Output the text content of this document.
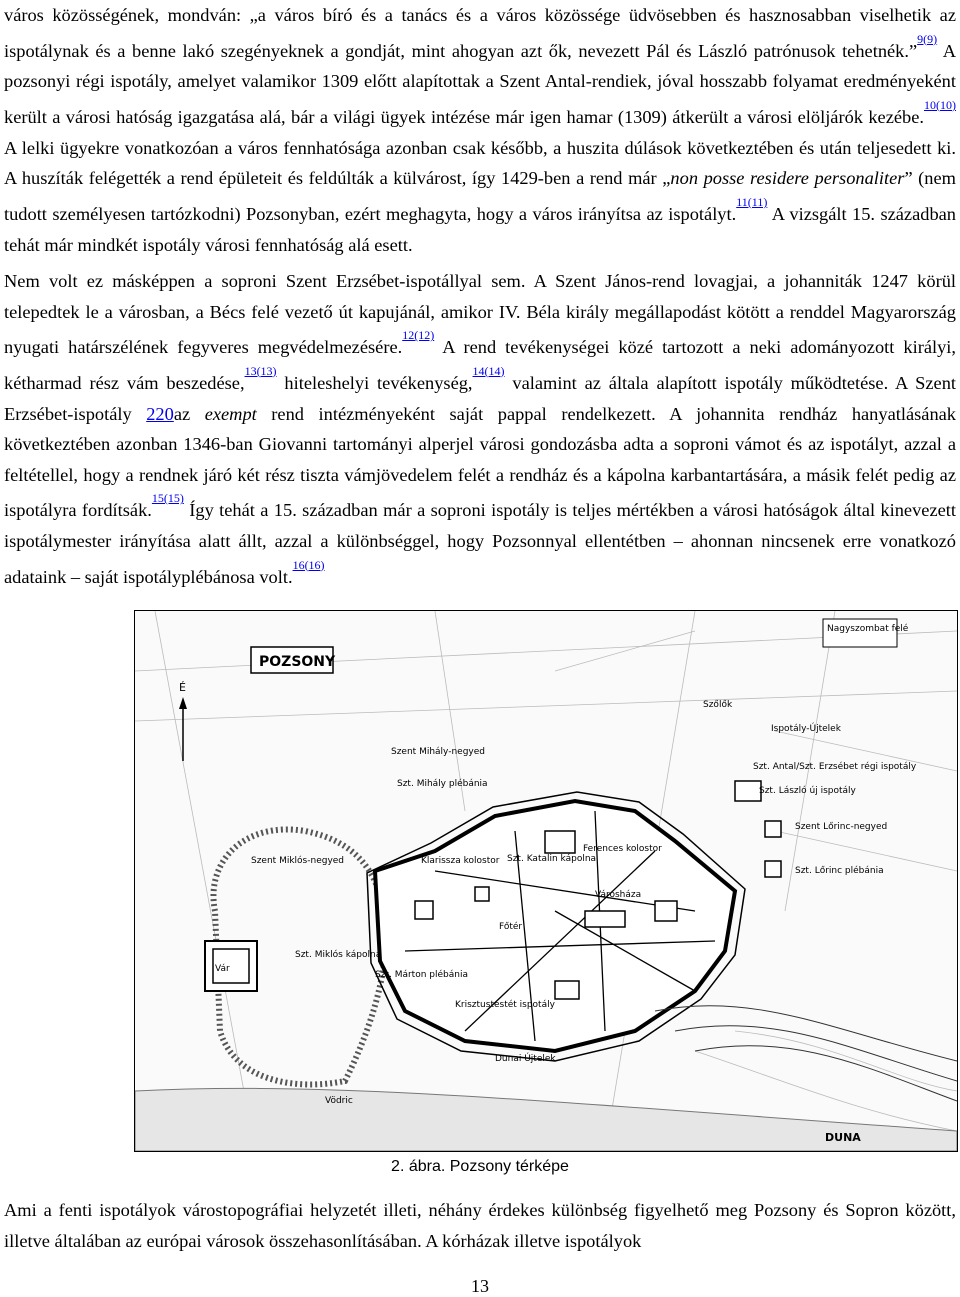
város közösségének, mondván: „a város bíró és a tanács és a város közössége üdvösebben és hasznosabban viselhetik az ispotálynak és a benne lakó szegényeknek a gondját, mint ahogyan azt ők, nevezett Pál és László patrónusok tehetnék.”$^{^{9(9)}}$ A pozsonyi régi ispotály, amelyet valamikor 1309 előtt alapítottak a Szent Antal-rendiek, jóval hosszabb folyamat eredményeként került a városi hatóság igazgatása alá, bár a világi ügyek intézése már igen hamar (1309) átkerült a városi elöljárók kezébe.$^{^{10(10)}}$ A lelki ügyekre vonatkozóan a város fennhatósága azonban csak később, a huszita dúlások következtében és után teljesedett ki. A huszíták felégették a rend épületeit és feldúlták a külvárost, így 1429-ben a rend már „non posse residere personaliter” (nem tudott személyesen tartózkodni) Pozsonyban, ezért meghagyta, hogy a város irányítsa az ispotályt.$^{^{11(11)}}$ A vizsgált 15. században tehát már mindkét ispotály városi fennhatóság alá esett.

Nem volt ez másképpen a soproni Szent Erzsébet-ispotállyal sem. A Szent János-rend lovagjai, a johanniták 1247 körül telepedtek le a városban, a Bécs felé vezető út kapujánál, amikor IV. Béla király megállapodást kötött a renddel Magyarország nyugati határszélének fegyveres megvédelmezésére.$^{^{12(12)}}$ A rend tevékenységei közé tartozott a neki adományozott királyi, kétharmad rész vám beszedése,$^{^{13(13)}}$ hiteleshelyi tevékenység,$^{^{14(14)}}$ valamint az általa alapított ispotály működtetése. A Szent Erzsébet-ispotály 220az exempt rend intézményeként saját pappal rendelkezett. A johannita rendház hanyatlásának következtében azonban 1346-ban Giovanni tartományi alperjel városi gondozásba adta a soproni vámot és az ispotályt, azzal a feltétellel, hogy a rendnek járó két rész tiszta vámjövedelem felét a rendház és a kápolna karbantartására, a másik felét pedig az ispotályra fordítsák.$^{^{15(15)}}$ Így tehát a 15. században már a soproni ispotály is teljes mértékben a városi hatóságok által kinevezett ispotálymester irányítása alatt állt, azzal a különbséggel, hogy Pozsonnyal ellentétben – ahonnan nincsenek erre vonatkozó adataink – saját ispotályplébánosa volt.$^{^{16(16)}}$

POZSONY
É
Nagyszombat felé
Szőlők
Ispotály-Újtelek
Szent Mihály-negyed
Szt. Antal/Szt. Erzsébet régi ispotály
Szt. László új ispotály
Szt. Mihály plébánia
Szent Lőrinc-negyed
Ferences kolostor
Klarissza kolostor Szt. Katalin kápolna
Szent Miklós-negyed
Szt. Lőrinc plébánia
Városháza
Főtér
Szt. Miklós kápolna
Vár
Szt. Márton plébánia
Krisztustestét ispotály
Dunai Újtelek
Vödric
DUNA
2. ábra. Pozsony térképe

Ami a fenti ispotályok várostopográfiai helyzetét illeti, néhány érdekes különbség figyelhető meg Pozsony és Sopron között, illetve általában az európai városok összehasonlításában. A kórházak illetve ispotályok

13
